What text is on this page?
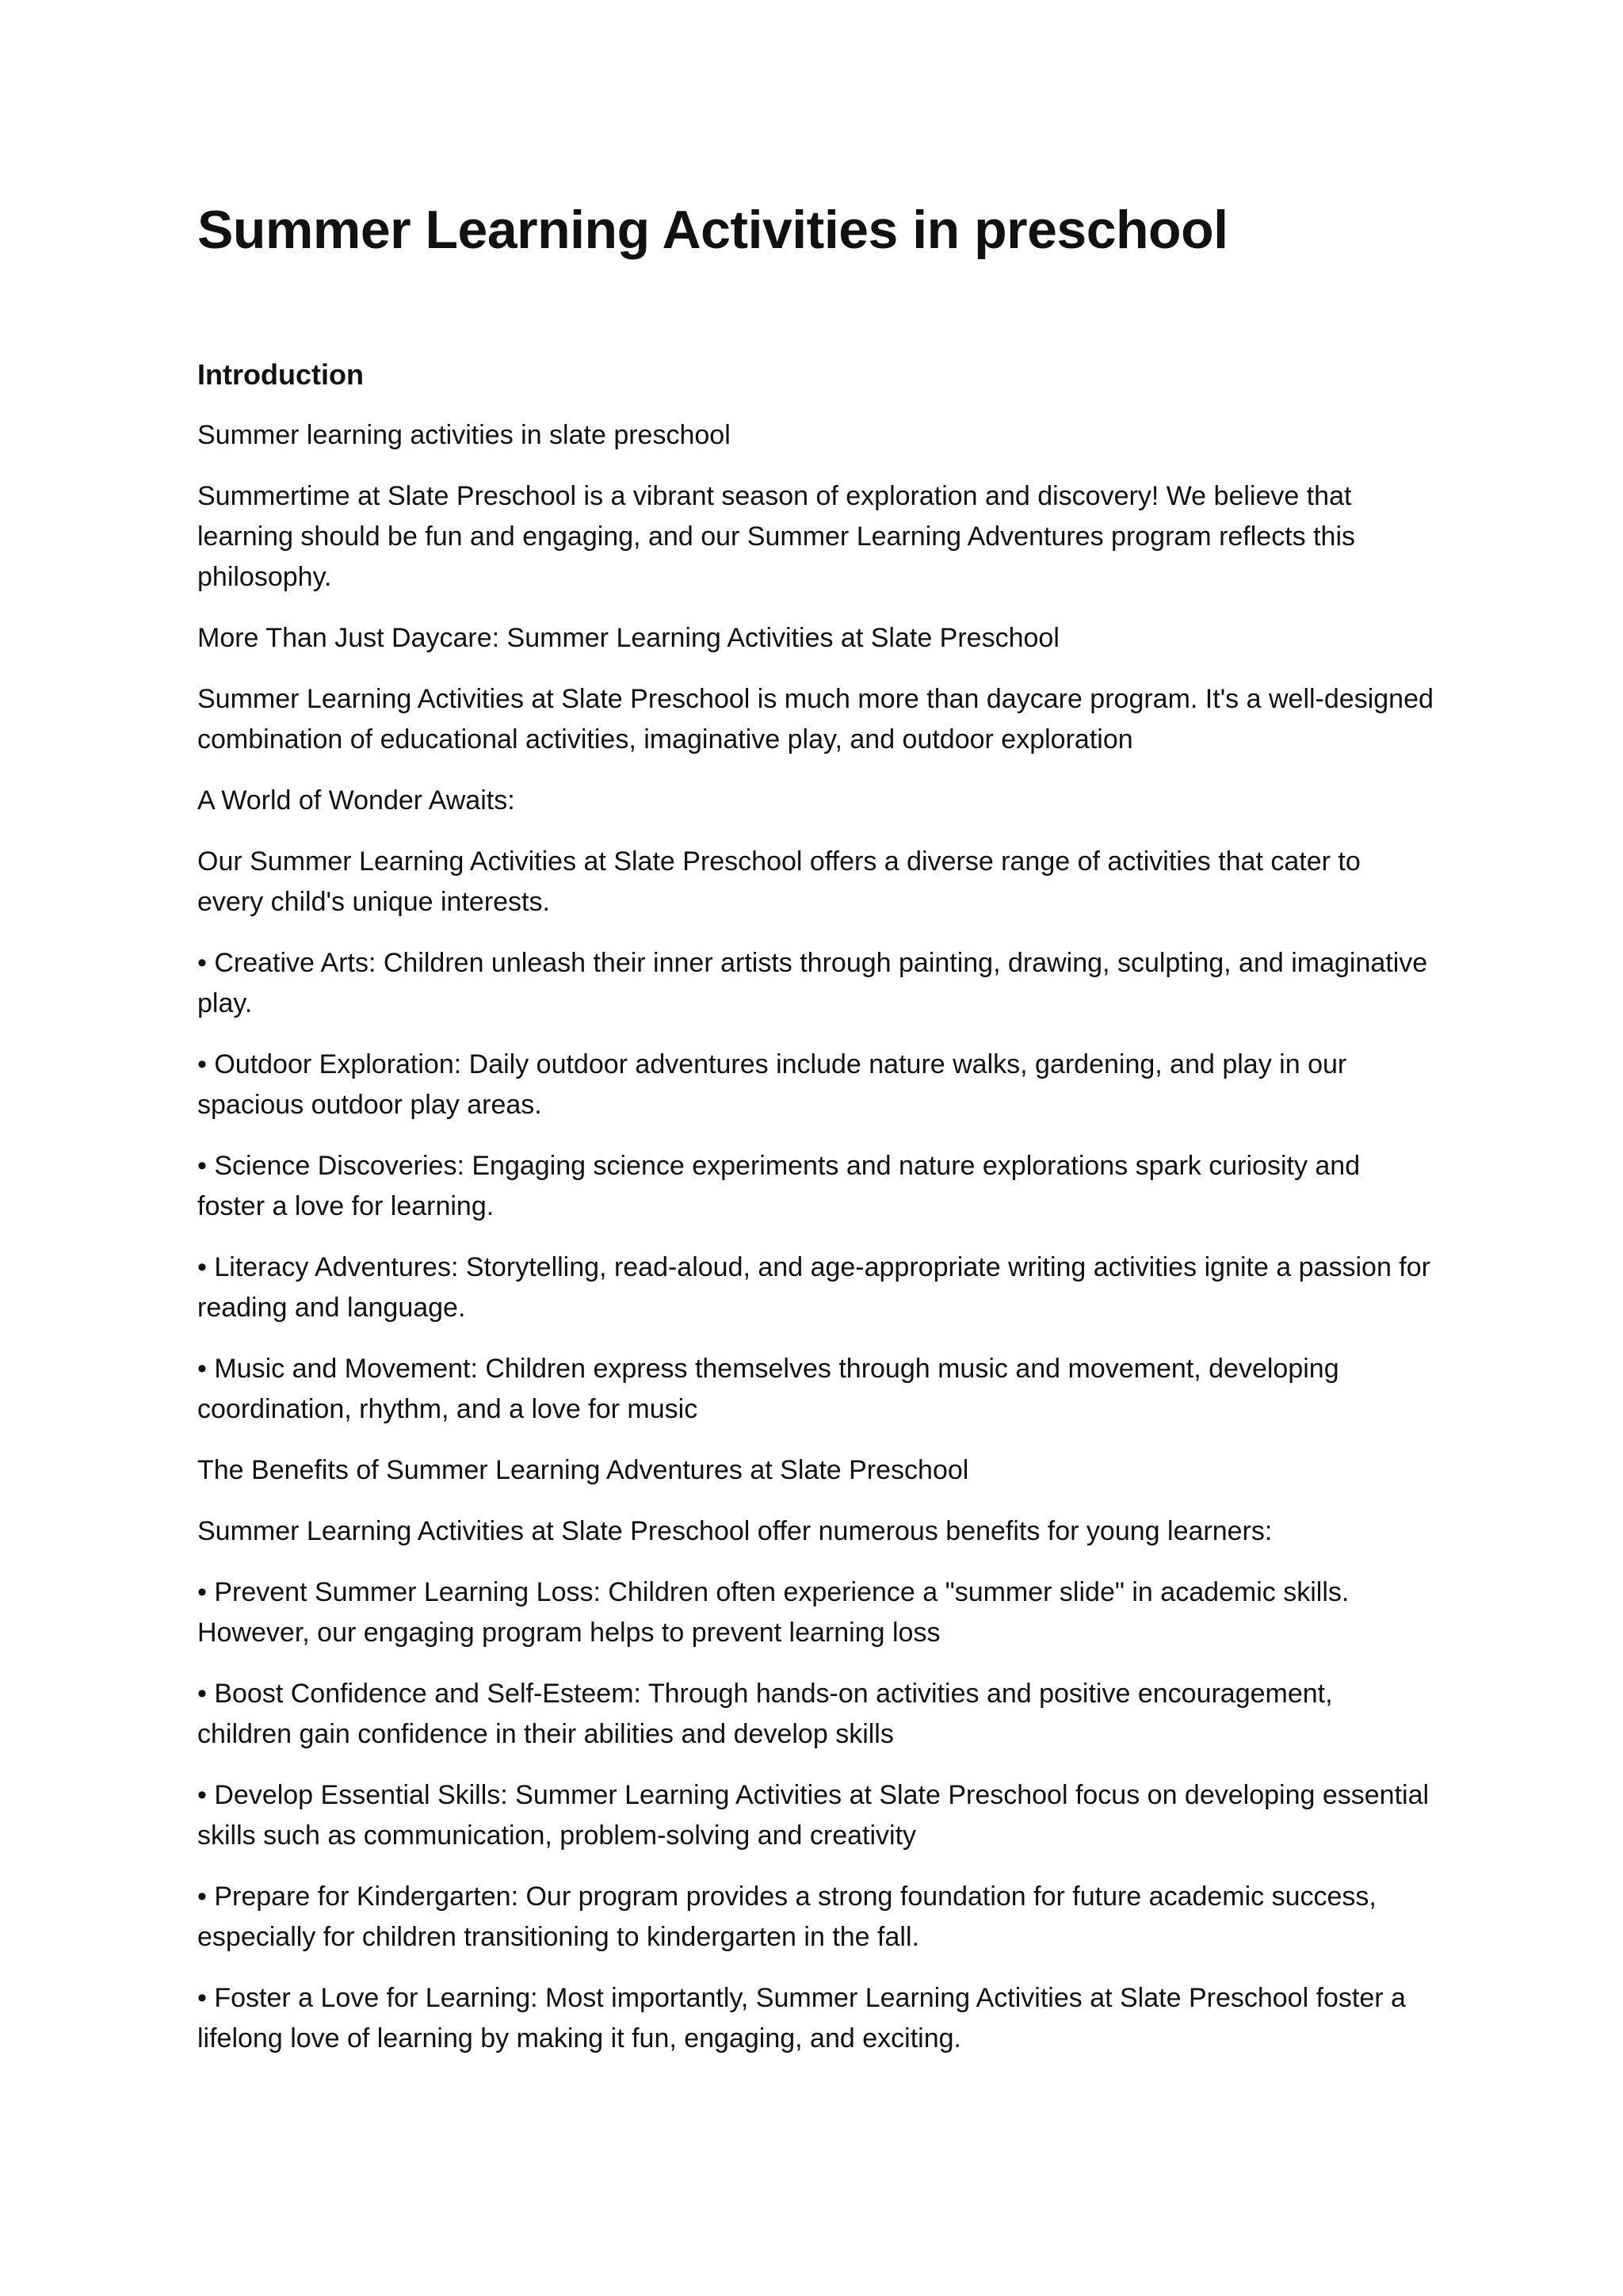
Summer Learning Activities in preschool
Introduction

Summer learning activities in slate preschool

Summertime at Slate Preschool is a vibrant season of exploration and discovery! We believe that learning should be fun and engaging, and our Summer Learning Adventures program reflects this philosophy.

More Than Just Daycare: Summer Learning Activities at Slate Preschool

Summer Learning Activities at Slate Preschool is much more than daycare program. It's a well-designed combination of educational activities, imaginative play, and outdoor exploration

A World of Wonder Awaits:

Our Summer Learning Activities at Slate Preschool offers a diverse range of activities that cater to every child's unique interests.

• Creative Arts: Children unleash their inner artists through painting, drawing, sculpting, and imaginative play.

• Outdoor Exploration: Daily outdoor adventures include nature walks, gardening, and play in our spacious outdoor play areas.

• Science Discoveries: Engaging science experiments and nature explorations spark curiosity and foster a love for learning.

• Literacy Adventures: Storytelling, read-aloud, and age-appropriate writing activities ignite a passion for reading and language.

• Music and Movement: Children express themselves through music and movement, developing coordination, rhythm, and a love for music

The Benefits of Summer Learning Adventures at Slate Preschool

Summer Learning Activities at Slate Preschool offer numerous benefits for young learners:

• Prevent Summer Learning Loss: Children often experience a "summer slide" in academic skills. However, our engaging program helps to prevent learning loss

• Boost Confidence and Self-Esteem: Through hands-on activities and positive encouragement, children gain confidence in their abilities and develop skills

• Develop Essential Skills: Summer Learning Activities at Slate Preschool focus on developing essential skills such as communication, problem-solving and creativity

• Prepare for Kindergarten: Our program provides a strong foundation for future academic success, especially for children transitioning to kindergarten in the fall.

• Foster a Love for Learning: Most importantly, Summer Learning Activities at Slate Preschool foster a lifelong love of learning by making it fun, engaging, and exciting.
